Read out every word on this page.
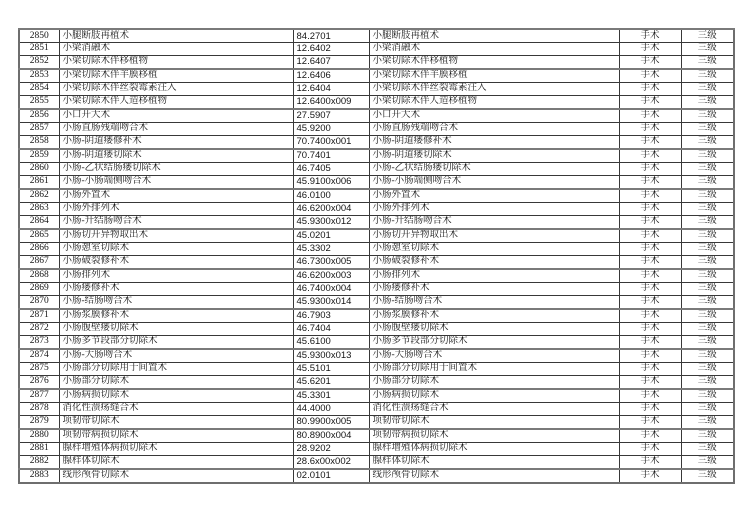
2850	小腿断肢再植术	84.2701	小腿断肢再植术	手术	三级
2851	小梁消融术	12.6402	小梁消融术	手术	三级
2852	小梁切除术伴移植物	12.6407	小梁切除术伴移植物	手术	三级
2853	小梁切除术伴羊膜移植	12.6406	小梁切除术伴羊膜移植	手术	三级
2854	小梁切除术伴丝裂霉素注入	12.6404	小梁切除术伴丝裂霉素注入	手术	三级
2855	小梁切除术伴人造移植物	12.6400x009	小梁切除术伴人造移植物	手术	三级
2856	小口开大术	27.5907	小口开大术	手术	三级
2857	小肠直肠残端吻合术	45.9200	小肠直肠残端吻合术	手术	三级
2858	小肠-阴道瘘修补术	70.7400x001	小肠-阴道瘘修补术	手术	三级
2859	小肠-阴道瘘切除术	70.7401	小肠-阴道瘘切除术	手术	三级
2860	小肠-乙状结肠瘘切除术	46.7405	小肠-乙状结肠瘘切除术	手术	三级
2861	小肠-小肠端侧吻合术	45.9100x006	小肠-小肠端侧吻合术	手术	三级
2862	小肠外置术	46.0100	小肠外置术	手术	三级
2863	小肠外排列术	46.6200x004	小肠外排列术	手术	三级
2864	小肠-升结肠吻合术	45.9300x012	小肠-升结肠吻合术	手术	三级
2865	小肠切开异物取出术	45.0201	小肠切开异物取出术	手术	三级
2866	小肠憩室切除术	45.3302	小肠憩室切除术	手术	三级
2867	小肠破裂修补术	46.7300x005	小肠破裂修补术	手术	三级
2868	小肠排列术	46.6200x003	小肠排列术	手术	三级
2869	小肠瘘修补术	46.7400x004	小肠瘘修补术	手术	三级
2870	小肠-结肠吻合术	45.9300x014	小肠-结肠吻合术	手术	三级
2871	小肠浆膜修补术	46.7903	小肠浆膜修补术	手术	三级
2872	小肠腹壁瘘切除术	46.7404	小肠腹壁瘘切除术	手术	三级
2873	小肠多节段部分切除术	45.6100	小肠多节段部分切除术	手术	三级
2874	小肠-大肠吻合术	45.9300x013	小肠-大肠吻合术	手术	三级
2875	小肠部分切除用于间置术	45.5101	小肠部分切除用于间置术	手术	三级
2876	小肠部分切除术	45.6201	小肠部分切除术	手术	三级
2877	小肠病损切除术	45.3301	小肠病损切除术	手术	三级
2878	消化性溃疡缝合术	44.4000	消化性溃疡缝合术	手术	三级
2879	项韧带切除术	80.9900x005	项韧带切除术	手术	三级
2880	项韧带病损切除术	80.8900x004	项韧带病损切除术	手术	三级
2881	腺样增殖体病损切除术	28.9202	腺样增殖体病损切除术	手术	三级
2882	腺样体切除术	28.6x00x002	腺样体切除术	手术	三级
2883	线形颅骨切除术	02.0101	线形颅骨切除术	手术	三级
